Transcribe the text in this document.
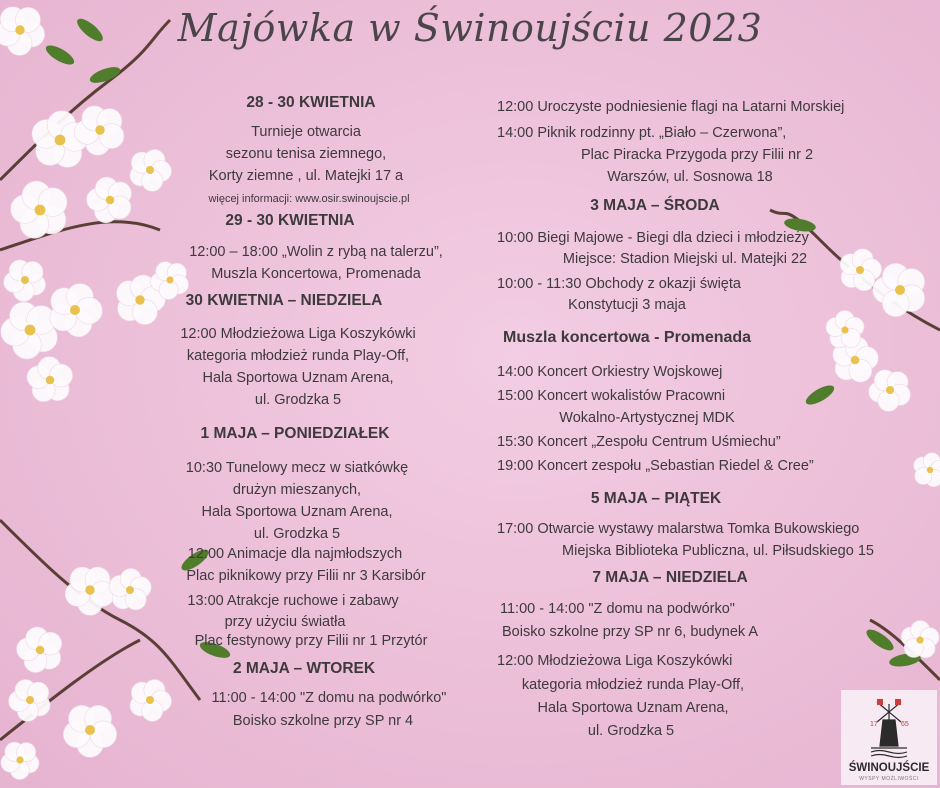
Majówka w Świnoujściu 2023
28 - 30 KWIETNIA
Turnieje otwarcia
sezonu tenisa ziemnego,
Korty ziemne , ul. Matejki 17 a
więcej informacji: www.osir.swinoujscie.pl
29 - 30 KWIETNIA
12:00 – 18:00 „Wolin z rybą na talerzu”,
Muszla Koncertowa, Promenada
30 KWIETNIA – NIEDZIELA
12:00 Młodzieżowa Liga Koszykówki
kategoria młodzież runda Play-Off,
Hala Sportowa Uznam Arena,
ul. Grodzka 5
1 MAJA – PONIEDZIAŁEK
10:30 Tunelowy mecz w siatkówkę
drużyn mieszanych,
Hala Sportowa Uznam Arena,
ul. Grodzka 5
12:00 Animacje dla najmłodszych
Plac piknikowy przy Filii nr 3 Karsibór
13:00 Atrakcje ruchowe i zabawy
przy użyciu światła
Plac festynowy przy Filii nr 1 Przytór
2 MAJA – WTOREK
11:00 - 14:00 "Z domu na podwórko"
Boisko szkolne przy SP nr 4
12:00 Uroczyste podniesienie flagi na Latarni Morskiej
14:00 Piknik rodzinny pt. „Biało – Czerwona”,
Plac Piracka Przygoda przy Filii nr 2
Warszów, ul. Sosnowa 18
3 MAJA – ŚRODA
10:00 Biegi Majowe - Biegi dla dzieci i młodzieży
Miejsce: Stadion Miejski ul. Matejki 22
10:00 - 11:30 Obchody z okazji święta
Konstytucji 3 maja
Muszla koncertowa - Promenada
14:00 Koncert Orkiestry Wojskowej
15:00 Koncert wokalistów Pracowni
Wokalno-Artystycznej MDK
15:30 Koncert „Zespołu Centrum Uśmiechu”
19:00 Koncert zespołu „Sebastian Riedel & Cree”
5 MAJA – PIĄTEK
17:00 Otwarcie wystawy malarstwa Tomka Bukowskiego
Miejska Biblioteka Publiczna, ul. Piłsudskiego 15
7 MAJA – NIEDZIELA
11:00 - 14:00 "Z domu na podwórko"
Boisko szkolne przy SP nr 6, budynek A
12:00 Młodzieżowa Liga Koszykówki
kategoria młodzież runda Play-Off,
Hala Sportowa Uznam Arena,
ul. Grodzka 5	17	65
ŚWINOUJŚCIE
WYSPY MOŻLIWOŚCI
